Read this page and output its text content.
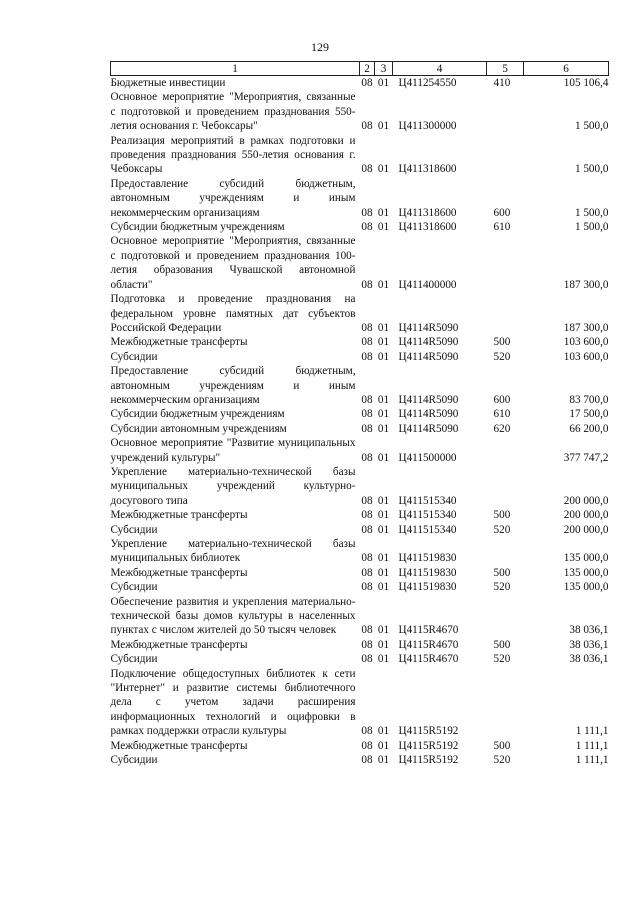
129
1	2	3	4	5	6
Бюджетные инвестиции	08	01	Ц411254550	410	105 106,4
Основное мероприятие "Мероприятия, связанные с подготовкой и проведением празднования 550-летия основания г. Чебоксары"	08	01	Ц411300000		1 500,0
Реализация мероприятий в рамках подготовки и проведения празднования 550-летия основания г. Чебоксары	08	01	Ц411318600		1 500,0
Предоставление субсидий бюджетным, автономным учреждениям и иным некоммерческим организациям	08	01	Ц411318600	600	1 500,0
Субсидии бюджетным учреждениям	08	01	Ц411318600	610	1 500,0
Основное мероприятие "Мероприятия, связанные с подготовкой и проведением празднования 100-летия образования Чувашской автономной области"	08	01	Ц411400000		187 300,0
Подготовка и проведение празднования на федеральном уровне памятных дат субъектов Российской Федерации	08	01	Ц4114R5090		187 300,0
Межбюджетные трансферты	08	01	Ц4114R5090	500	103 600,0
Субсидии	08	01	Ц4114R5090	520	103 600,0
Предоставление субсидий бюджетным, автономным учреждениям и иным некоммерческим организациям	08	01	Ц4114R5090	600	83 700,0
Субсидии бюджетным учреждениям	08	01	Ц4114R5090	610	17 500,0
Субсидии автономным учреждениям	08	01	Ц4114R5090	620	66 200,0
Основное мероприятие "Развитие муниципальных учреждений культуры"	08	01	Ц411500000		377 747,2
Укрепление материально-технической базы муниципальных учреждений культурно-досугового типа	08	01	Ц411515340		200 000,0
Межбюджетные трансферты	08	01	Ц411515340	500	200 000,0
Субсидии	08	01	Ц411515340	520	200 000,0
Укрепление материально-технической базы муниципальных библиотек	08	01	Ц411519830		135 000,0
Межбюджетные трансферты	08	01	Ц411519830	500	135 000,0
Субсидии	08	01	Ц411519830	520	135 000,0
Обеспечение развития и укрепления материально-технической базы домов культуры в населенных пунктах с числом жителей до 50 тысяч человек	08	01	Ц4115R4670		38 036,1
Межбюджетные трансферты	08	01	Ц4115R4670	500	38 036,1
Субсидии	08	01	Ц4115R4670	520	38 036,1
Подключение общедоступных библиотек к сети "Интернет" и развитие системы библиотечного дела с учетом задачи расширения информационных технологий и оцифровки в рамках поддержки отрасли культуры	08	01	Ц4115R5192		1 111,1
Межбюджетные трансферты	08	01	Ц4115R5192	500	1 111,1
Субсидии	08	01	Ц4115R5192	520	1 111,1
